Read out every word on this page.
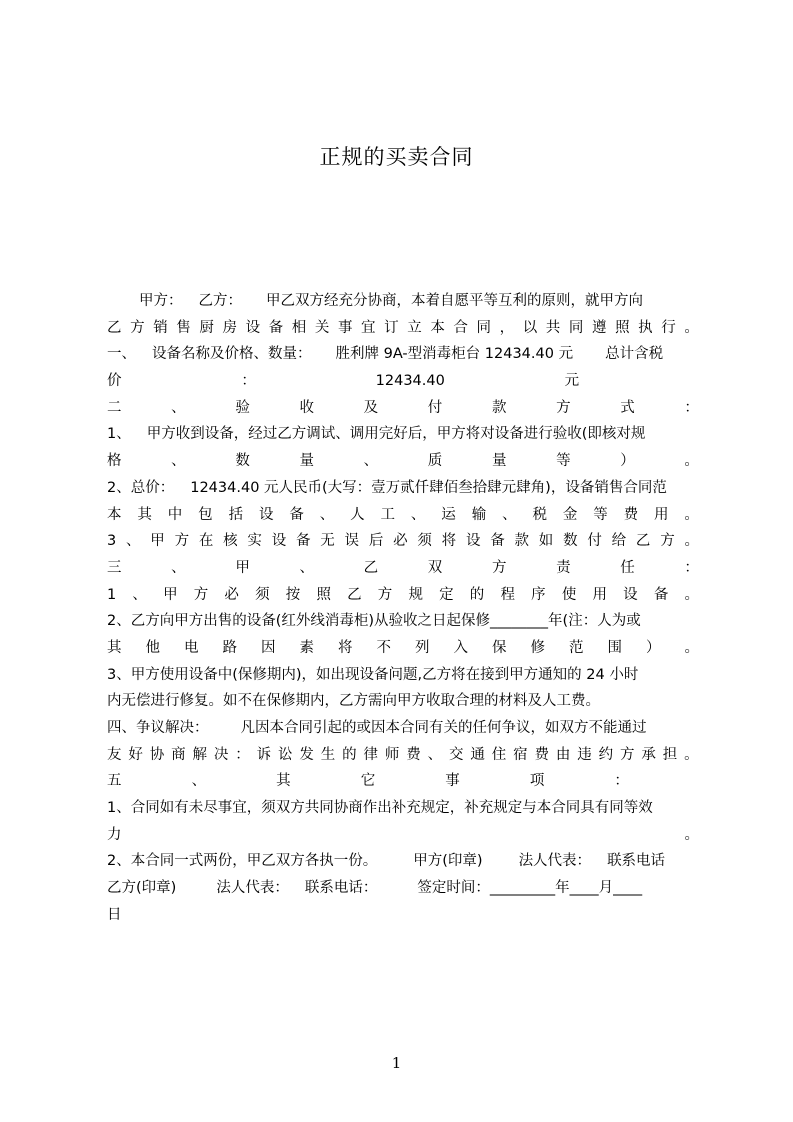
正规的买卖合同
甲方： 乙方： 甲乙双方经充分协商，本着自愿平等互利的原则，就甲方向
乙 方 销 售 厨 房 设 备 相 关 事 宜 订 立 本 合 同 ， 以 共 同 遵 照 执 行 。
一、 设备名称及价格、数量： 胜利牌 9A-型消毒柜台 12434.40 元 总计含税
价	：	12434.40	元
二	、	验	收	及	付	款	方	式	：
1、 甲方收到设备，经过乙方调试、调用完好后，甲方将对设备进行验收(即核对规
格	、	数	量	、	质	量	等	）	。
2、总价： 12434.40 元人民币(大写：壹万贰仟肆佰叁拾肆元肆角)，设备销售合同范
本 其 中 包 括 设 备 、 人 工 、 运 输 、 税 金 等 费 用 。
3 、 甲 方 在 核 实 设 备 无 误 后 必 须 将 设 备 款 如 数 付 给 乙 方 。
三	、	甲	、	乙	双	方	责	任	：
1 、 甲 方 必 须 按 照 乙 方 规 定 的 程 序 使 用 设 备 。
2、乙方向甲方出售的设备(红外线消毒柜)从验收之日起保修________年(注：人为或
其 他 电 路 因 素 将 不 列 入 保 修 范 围 ） 。
3、甲方使用设备中(保修期内)，如出现设备问题,乙方将在接到甲方通知的 24 小时
内无偿进行修复。如不在保修期内，乙方需向甲方收取合理的材料及人工费。
四、争议解决： 凡因本合同引起的或因本合同有关的任何争议，如双方不能通过
友 好 协 商 解 决 ： 诉 讼 发 生 的 律 师 费 、 交 通 住 宿 费 由 违 约 方 承 担 。
五	、	其	它	事	项	：
1、合同如有未尽事宜，须双方共同协商作出补充规定，补充规定与本合同具有同等效
力	。
2、本合同一式两份，甲乙双方各执一份。 甲方(印章) 法人代表： 联系电话
乙方(印章)	法人代表： 联系电话：	签定时间：_________年____月____
日
1
